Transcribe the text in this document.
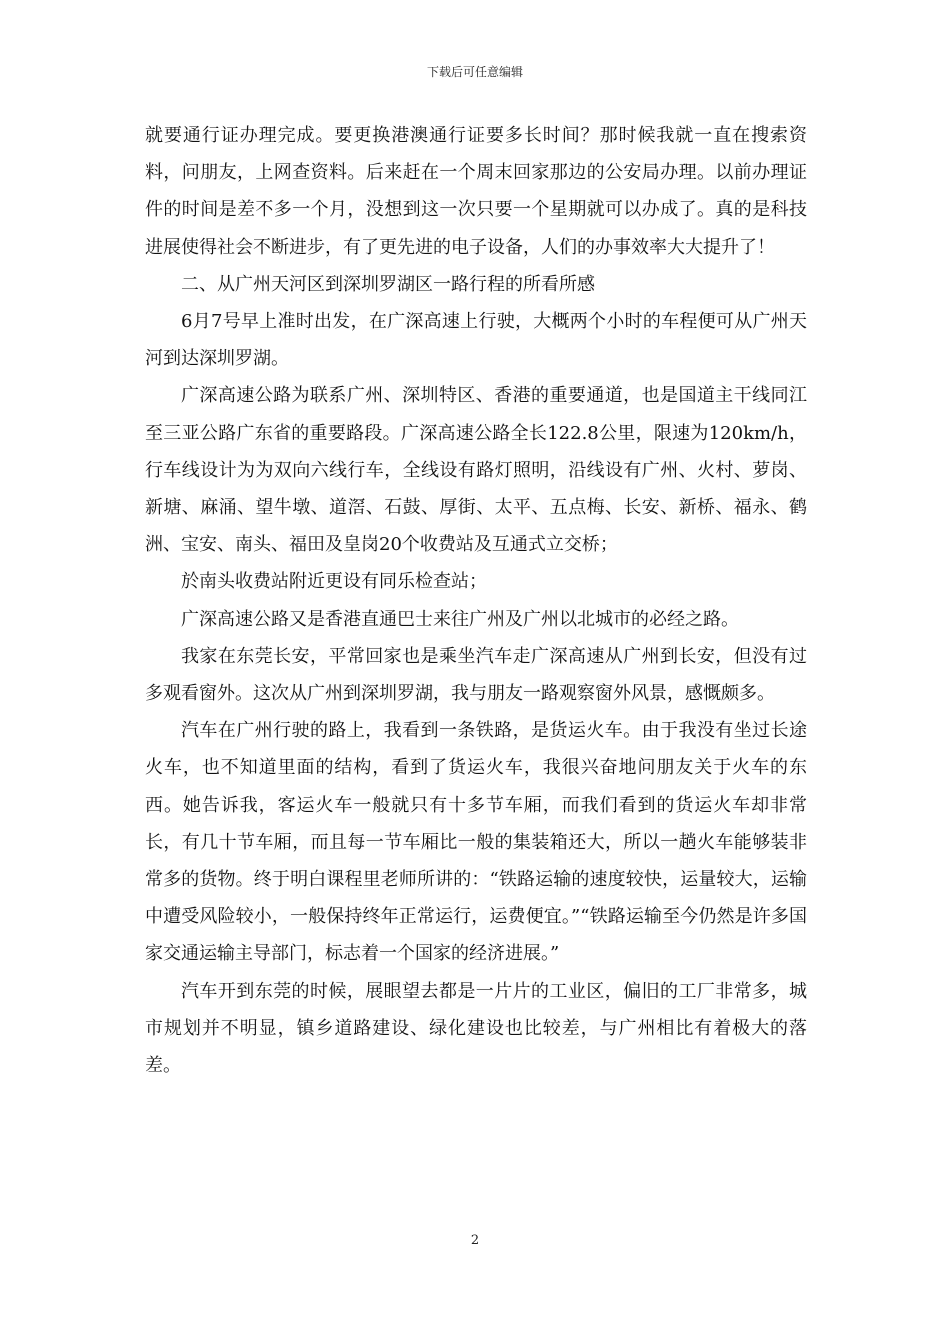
下载后可任意编辑

就要通行证办理完成。要更换港澳通行证要多长时间？那时候我就一直在搜索资料，问朋友，上网查资料。后来赶在一个周末回家那边的公安局办理。以前办理证件的时间是差不多一个月，没想到这一次只要一个星期就可以办成了。真的是科技进展使得社会不断进步，有了更先进的电子设备，人们的办事效率大大提升了！

二、从广州天河区到深圳罗湖区一路行程的所看所感

6月7号早上准时出发，在广深高速上行驶，大概两个小时的车程便可从广州天河到达深圳罗湖。

广深高速公路为联系广州、深圳特区、香港的重要通道，也是国道主干线同江至三亚公路广东省的重要路段。广深高速公路全长122.8公里，限速为120km/h，行车线设计为为双向六线行车，全线设有路灯照明，沿线设有广州、火村、萝岗、新塘、麻涌、望牛墩、道滘、石鼓、厚街、太平、五点梅、长安、新桥、福永、鹤洲、宝安、南头、福田及皇岗20个收费站及互通式立交桥；

於南头收费站附近更设有同乐检查站；

广深高速公路又是香港直通巴士来往广州及广州以北城市的必经之路。

我家在东莞长安，平常回家也是乘坐汽车走广深高速从广州到长安，但没有过多观看窗外。这次从广州到深圳罗湖，我与朋友一路观察窗外风景，感慨颇多。

汽车在广州行驶的路上，我看到一条铁路，是货运火车。由于我没有坐过长途火车，也不知道里面的结构，看到了货运火车，我很兴奋地问朋友关于火车的东西。她告诉我，客运火车一般就只有十多节车厢，而我们看到的货运火车却非常长，有几十节车厢，而且每一节车厢比一般的集装箱还大，所以一趟火车能够装非常多的货物。终于明白课程里老师所讲的：“铁路运输的速度较快，运量较大，运输中遭受风险较小，一般保持终年正常运行，运费便宜。”“铁路运输至今仍然是许多国家交通运输主导部门，标志着一个国家的经济进展。”

汽车开到东莞的时候，展眼望去都是一片片的工业区，偏旧的工厂非常多，城市规划并不明显，镇乡道路建设、绿化建设也比较差，与广州相比有着极大的落差。

2
